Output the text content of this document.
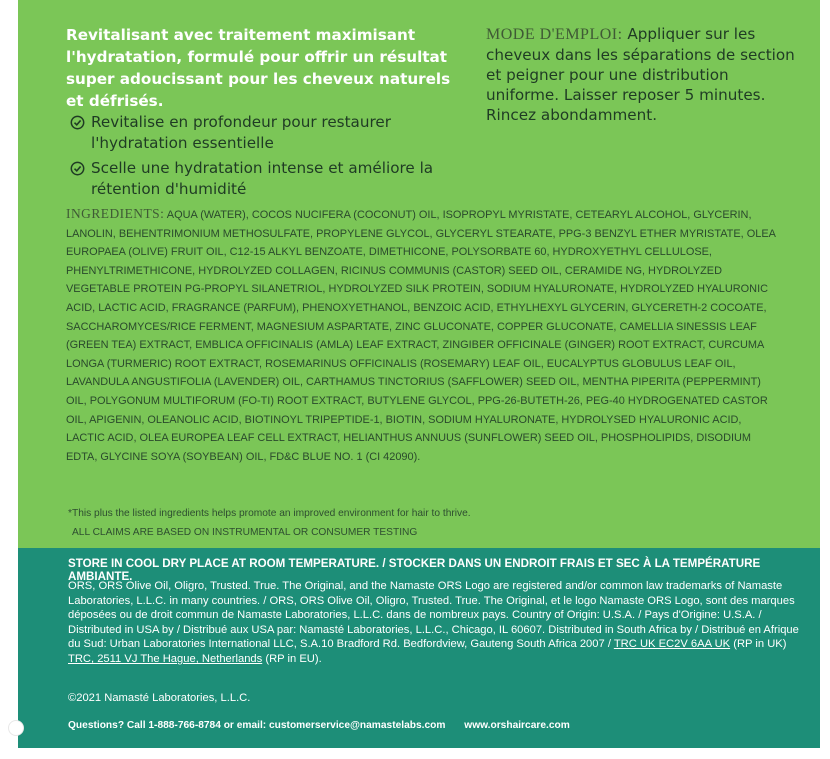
Revitalisant avec traitement maximisant l'hydratation, formulé pour offrir un résultat super adoucissant pour les cheveux naturels et défrisés.
Revitalise en profondeur pour restaurer l'hydratation essentielle
Scelle une hydratation intense et améliore la rétention d'humidité
MODE D'EMPLOI: Appliquer sur les cheveux dans les séparations de section et peigner pour une distribution uniforme. Laisser reposer 5 minutes. Rincez abondamment.
INGREDIENTS: AQUA (WATER), COCOS NUCIFERA (COCONUT) OIL, ISOPROPYL MYRISTATE, CETEARYL ALCOHOL, GLYCERIN, LANOLIN, BEHENTRIMONIUM METHOSULFATE, PROPYLENE GLYCOL, GLYCERYL STEARATE, PPG-3 BENZYL ETHER MYRISTATE, OLEA EUROPAEA (OLIVE) FRUIT OIL, C12-15 ALKYL BENZOATE, DIMETHICONE, POLYSORBATE 60, HYDROXYETHYL CELLULOSE, PHENYLTRIMETHICONE, HYDROLYZED COLLAGEN, RICINUS COMMUNIS (CASTOR) SEED OIL, CERAMIDE NG, HYDROLYZED VEGETABLE PROTEIN PG-PROPYL SILANETRIOL, HYDROLYZED SILK PROTEIN, SODIUM HYALURONATE, HYDROLYZED HYALURONIC ACID, LACTIC ACID, FRAGRANCE (PARFUM), PHENOXYETHANOL, BENZOIC ACID, ETHYLHEXYL GLYCERIN, GLYCERETH-2 COCOATE, SACCHAROMYCES/RICE FERMENT, MAGNESIUM ASPARTATE, ZINC GLUCONATE, COPPER GLUCONATE, CAMELLIA SINESSIS LEAF (GREEN TEA) EXTRACT, EMBLICA OFFICINALIS (AMLA) LEAF EXTRACT, ZINGIBER OFFICINALE (GINGER) ROOT EXTRACT, CURCUMA LONGA (TURMERIC) ROOT EXTRACT, ROSEMARINUS OFFICINALIS (ROSEMARY) LEAF OIL, EUCALYPTUS GLOBULUS LEAF OIL, LAVANDULA ANGUSTIFOLIA (LAVENDER) OIL, CARTHAMUS TINCTORIUS (SAFFLOWER) SEED OIL, MENTHA PIPERITA (PEPPERMINT) OIL, POLYGONUM MULTIFORUM (FO-TI) ROOT EXTRACT, BUTYLENE GLYCOL, PPG-26-BUTETH-26, PEG-40 HYDROGENATED CASTOR OIL, APIGENIN, OLEANOLIC ACID, BIOTINOYL TRIPEPTIDE-1, BIOTIN, SODIUM HYALURONATE, HYDROLYSED HYALURONIC ACID, LACTIC ACID, OLEA EUROPEA LEAF CELL EXTRACT, HELIANTHUS ANNUUS (SUNFLOWER) SEED OIL, PHOSPHOLIPIDS, DISODIUM EDTA, GLYCINE SOYA (SOYBEAN) OIL, FD&C BLUE NO. 1 (CI 42090).
*This plus the listed ingredients helps promote an improved environment for hair to thrive.
ALL CLAIMS ARE BASED ON INSTRUMENTAL OR CONSUMER TESTING
STORE IN COOL DRY PLACE AT ROOM TEMPERATURE. / STOCKER DANS UN ENDROIT FRAIS ET SEC À LA TEMPÉRATURE AMBIANTE.
ORS, ORS Olive Oil, Oligro, Trusted. True. The Original, and the Namaste ORS Logo are registered and/or common law trademarks of Namaste Laboratories, L.L.C. in many countries. / ORS, ORS Olive Oil, Oligro, Trusted. True. The Original, et le logo Namaste ORS Logo, sont des marques déposées ou de droit commun de Namaste Laboratories, L.L.C. dans de nombreux pays. Country of Origin: U.S.A. / Pays d'Origine: U.S.A. / Distributed in USA by / Distribué aux USA par: Namasté Laboratories, L.L.C., Chicago, IL 60607. Distributed in South Africa by / Distribué en Afrique du Sud: Urban Laboratories International LLC, S.A.10 Bradford Rd. Bedfordview, Gauteng South Africa 2007 / TRC UK EC2V 6AA UK (RP in UK) TRC, 2511 VJ The Hague, Netherlands (RP in EU).
©2021 Namasté Laboratories, L.L.C.
Questions? Call 1-888-766-8784 or email: customerservice@namastelabs.com www.orshaircare.com
